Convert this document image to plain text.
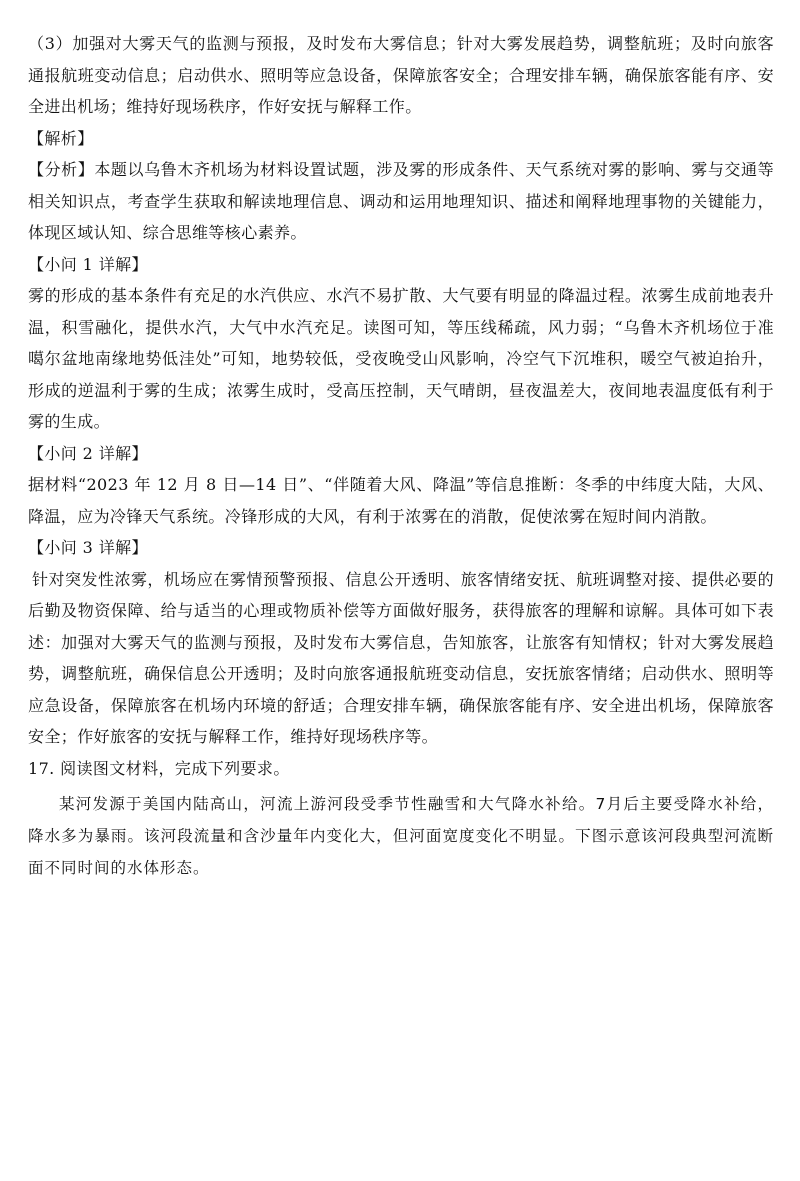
（3）加强对大雾天气的监测与预报，及时发布大雾信息；针对大雾发展趋势，调整航班；及时向旅客通报航班变动信息；启动供水、照明等应急设备，保障旅客安全；合理安排车辆，确保旅客能有序、安全进出机场；维持好现场秩序，作好安抚与解释工作。

【解析】

【分析】本题以乌鲁木齐机场为材料设置试题，涉及雾的形成条件、天气系统对雾的影响、雾与交通等相关知识点，考查学生获取和解读地理信息、调动和运用地理知识、描述和阐释地理事物的关键能力，体现区域认知、综合思维等核心素养。

【小问 1 详解】

雾的形成的基本条件有充足的水汽供应、水汽不易扩散、大气要有明显的降温过程。浓雾生成前地表升温，积雪融化，提供水汽，大气中水汽充足。读图可知，等压线稀疏，风力弱；“乌鲁木齐机场位于准噶尔盆地南缘地势低洼处”可知，地势较低，受夜晚受山风影响，冷空气下沉堆积，暖空气被迫抬升，形成的逆温利于雾的生成；浓雾生成时，受高压控制，天气晴朗，昼夜温差大，夜间地表温度低有利于雾的生成。

【小问 2 详解】

据材料“2023 年 12 月 8 日—14 日”、“伴随着大风、降温”等信息推断：冬季的中纬度大陆，大风、降温，应为冷锋天气系统。冷锋形成的大风，有利于浓雾在的消散，促使浓雾在短时间内消散。

【小问 3 详解】

针对突发性浓雾，机场应在雾情预警预报、信息公开透明、旅客情绪安抚、航班调整对接、提供必要的后勤及物资保障、给与适当的心理或物质补偿等方面做好服务，获得旅客的理解和谅解。具体可如下表述：加强对大雾天气的监测与预报，及时发布大雾信息，告知旅客，让旅客有知情权；针对大雾发展趋势，调整航班，确保信息公开透明；及时向旅客通报航班变动信息，安抚旅客情绪；启动供水、照明等应急设备，保障旅客在机场内环境的舒适；合理安排车辆，确保旅客能有序、安全进出机场，保障旅客安全；作好旅客的安抚与解释工作，维持好现场秩序等。

17. 阅读图文材料，完成下列要求。

某河发源于美国内陆高山，河流上游河段受季节性融雪和大气降水补给。7月后主要受降水补给，降水多为暴雨。该河段流量和含沙量年内变化大，但河面宽度变化不明显。下图示意该河段典型河流断面不同时间的水体形态。
